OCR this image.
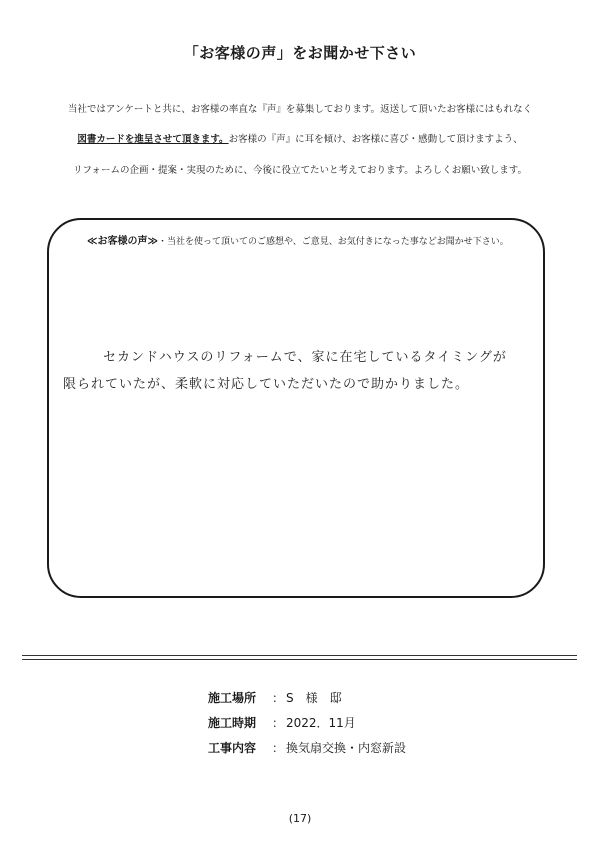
「お客様の声」をお聞かせ下さい
当社ではアンケートと共に、お客様の率直な『声』を募集しております。返送して頂いたお客様にはもれなく
図書カードを進呈させて頂きます。お客様の『声』に耳を傾け、お客様に喜び・感動して頂けますよう、
リフォームの企画・提案・実現のために、今後に役立てたいと考えております。よろしくお願い致します。
≪お客様の声≫・当社を使って頂いてのご感想や、ご意見、お気付きになった事などお聞かせ下さい。
セカンドハウスのリフォームで、家に在宅しているタイミングが
限られていたが、柔軟に対応していただいたので助かりました。
施工場所 ： S　様　邸
施工時期 ： 2022．11月
工事内容 ： 換気扇交換・内窓新設
(17)
